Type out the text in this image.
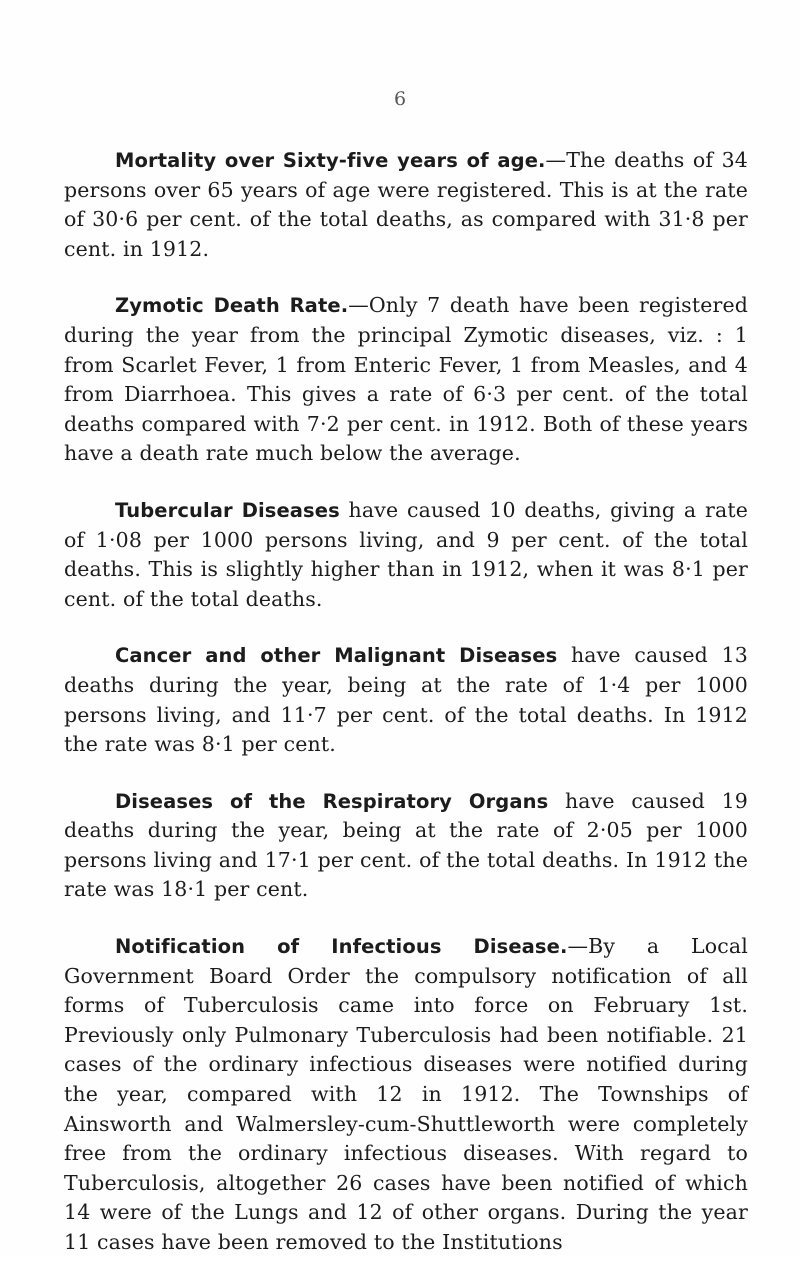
6

Mortality over Sixty-five years of age.—The deaths of 34 persons over 65 years of age were registered. This is at the rate of 30·6 per cent. of the total deaths, as compared with 31·8 per cent. in 1912.

Zymotic Death Rate.—Only 7 death have been registered during the year from the principal Zymotic diseases, viz. : 1 from Scarlet Fever, 1 from Enteric Fever, 1 from Measles, and 4 from Diarrhoea. This gives a rate of 6·3 per cent. of the total deaths compared with 7·2 per cent. in 1912. Both of these years have a death rate much below the average.

Tubercular Diseases have caused 10 deaths, giving a rate of 1·08 per 1000 persons living, and 9 per cent. of the total deaths. This is slightly higher than in 1912, when it was 8·1 per cent. of the total deaths.

Cancer and other Malignant Diseases have caused 13 deaths during the year, being at the rate of 1·4 per 1000 persons living, and 11·7 per cent. of the total deaths. In 1912 the rate was 8·1 per cent.

Diseases of the Respiratory Organs have caused 19 deaths during the year, being at the rate of 2·05 per 1000 persons living and 17·1 per cent. of the total deaths. In 1912 the rate was 18·1 per cent.

Notification of Infectious Disease.—By a Local Government Board Order the compulsory notification of all forms of Tuberculosis came into force on February 1st. Previously only Pulmonary Tuberculosis had been notifiable. 21 cases of the ordinary infectious diseases were notified during the year, compared with 12 in 1912. The Townships of Ainsworth and Walmersley-cum-Shuttleworth were completely free from the ordinary infectious diseases. With regard to Tuberculosis, altogether 26 cases have been notified of which 14 were of the Lungs and 12 of other organs. During the year 11 cases have been removed to the Institutions
